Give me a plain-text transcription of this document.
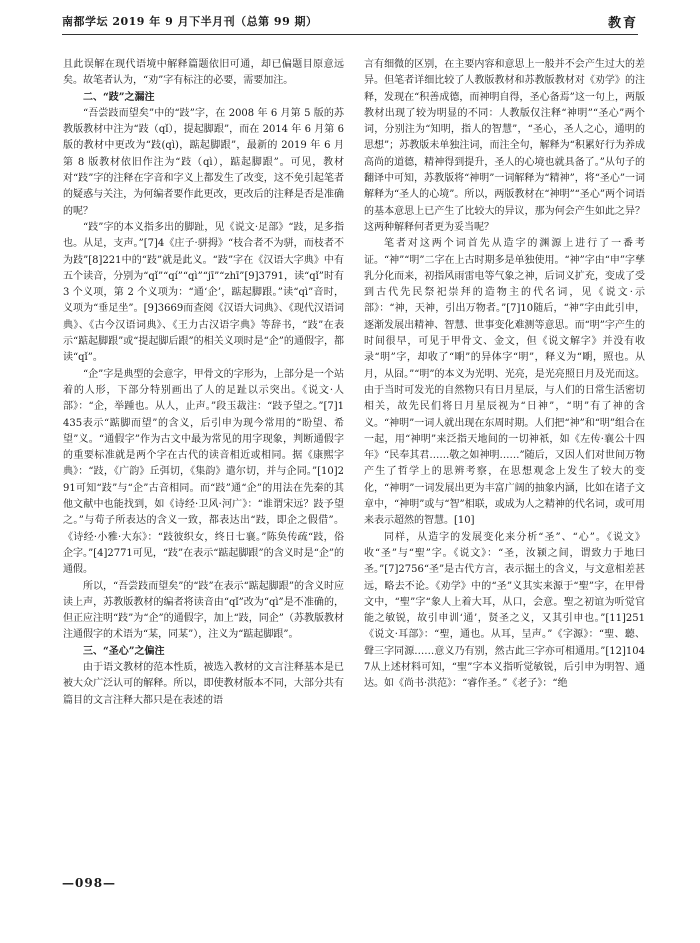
南都学坛 2019 年 9 月下半月刊（总第 99 期）	教育

且此误解在现代语境中解释篇题依旧可通，却已偏题目原意远矣。故笔者认为，“劝”字有标注的必要，需要加注。

二、“跂”之漏注

“吾尝跂而望矣”中的“跂”字，在 2008 年 6 月第 5 版的苏教版教材中注为“跂（qǐ），提起脚跟”，而在 2014 年 6 月第 6 版的教材中更改为“跂(qì)，踮起脚跟”，最新的 2019 年 6 月第 8 版教材依旧作注为“跂（qì），踮起脚跟”。可见，教材对“跂”字的注释在字音和字义上都发生了改变，这不免引起笔者的疑惑与关注，为何编者要作此更改，更改后的注释是否是准确的呢？

“跂”字的本义指多出的脚趾，见《说文·足部》“跂，足多指也。从足，支声。”[7]4《庄子·骈拇》“枝合者不为骈，而枝者不为跂”[8]221中的“跂”就是此义。“跂”字在《汉语大字典》中有五个读音，分别为“qǐ”“qí”“qì”“jī”“zhī”[9]3791，读“qǐ”时有 3 个义项，第 2 个义项为：“通‘企’，踮起脚跟。”读“qì”音时，义项为“垂足坐”。[9]3669而查阅《汉语大词典》、《现代汉语词典》、《古今汉语词典》、《王力古汉语字典》等辞书，“跂”在表示“踮起脚跟”或“提起脚后跟”的相关义项时是“企”的通假字，都读“qǐ”。

“企”字是典型的会意字，甲骨文的字形为，上部分是一个站着的人形，下部分特别画出了人的足趾以示突出。《说文·人部》：“企，举踵也。从人，止声。”段玉裁注：“跂予望之。”[7]1435表示“踮脚而望”的含义，后引申为现今常用的“盼望、希望”义。“通假字”作为古文中最为常见的用字现象，判断通假字的重要标准就是两个字在古代的读音相近或相同。据《康熙字典》：“跂，《广韵》丘弭切，《集韵》遣尔切，并与企同。”[10]291可知“跂”与“企”古音相同。而“跂”通“企”的用法在先秦的其他文献中也能找到，如《诗经·卫风·河广》：“谁谓宋远？跂予望之。”与荀子所表达的含义一致，都表达出“跂，即企之假借”。《诗经·小雅·大东》：“跂彼织女，终日七襄。”陈奂传疏“跂，俗企字。”[4]2771可见，“跂”在表示“踮起脚跟”的含义时是“企”的通假。

所以，“吾尝跂而望矣”的“跂”在表示“踮起脚跟”的含义时应读上声，苏教版教材的编者将读音由“qǐ”改为“qì”是不准确的，但正应注明“跂”为“企”的通假字，加上“跂，同企”（苏教版教材注通假字的术语为“某，同某”），注义为“踮起脚跟”。

三、“圣心”之偏注

由于语文教材的范本性质，被选入教材的文言注释基本是已被大众广泛认可的解释。所以，即使教材版本不同，大部分共有篇目的文言注释大都只是在表述的语

言有细微的区别，在主要内容和意思上一般并不会产生过大的差异。但笔者详细比较了人教版教材和苏教版教材对《劝学》的注释，发现在“积善成德，而神明自得，圣心备焉”这一句上，两版教材出现了较为明显的不同：人教版仅注释“神明”“圣心”两个词，分别注为“知明，指人的智慧”，“圣心，圣人之心，通明的思想”；苏教版未单独注词，而注全句，解释为“积累好行为养成高尚的道德，精神得到提升，圣人的心境也就具备了。”从句子的翻译中可知，苏教版将“神明”一词解释为“精神”，将“圣心”一词解释为“圣人的心境”。所以，两版教材在“神明”“圣心”两个词语的基本意思上已产生了比较大的异议，那为何会产生如此之异？这两种解释何者更为妥当呢？

笔者对这两个词首先从造字的渊源上进行了一番考证。“神”“明”二字在上古时期多是单独使用。“神”字由“申”字孳乳分化而来，初指风雨雷电等气象之神，后词义扩充，变成了受到古代先民祭祀崇拜的造物主的代名词，见《说文·示部》：“神，天神，引出万物者。”[7]10随后，“神”字由此引申，逐渐发展出精神、智慧、世事变化难测等意思。而“明”字产生的时间很早，可见于甲骨文、金文，但《说文解字》并没有收录“明”字，却收了“朙”的异体字“明”，释义为“朙，照也。从月，从囧。”“明”的本义为光明、光亮，是光亮照日月及光而这。由于当时可发光的自然物只有日月星辰，与人们的日常生活密切相关，故先民们将日月星辰视为“日神”，“明”有了神的含义。“神明”一词人就出现在东周时期。人们把“神”和“明”组合在一起，用“神明”来泛指天地间的一切神祇，如《左传·襄公十四年》“民奉其君……敬之如神明……”随后，又因人们对世间万物产生了哲学上的思辨考察，在思想观念上发生了较大的变化，“神明”一词发展出更为丰富广阔的抽象内涵，比如在诸子文章中，“神明”或与“智”相联，或成为人之精神的代名词，或可用来表示超然的智慧。[10]

同样，从造字的发展变化来分析“圣”、“心”。《说文》收“圣”与“聖”字。《说文》：“圣，汝颍之间，谓致力于地曰圣。”[7]2756“圣”是古代方言，表示掘土的含义，与文意相差甚远，略去不论。《劝学》中的“圣”义其实来源于“聖”字，在甲骨文中，“聖”字“象人上着大耳，从口，会意。聖之初谊为听觉官能之敏锐，故引申训‘通’，贤圣之义，又其引申也。”[11]251《说文·耳部》：“聖，通也。从耳，呈声。”《字源》：“聖、聽、聲三字同源……意义乃有别，然古此三字亦可相通用。”[12]1047从上述材料可知，“聖”字本义指听觉敏锐，后引申为明智、通达。如《尚书·洪范》：“睿作圣。”《老子》：“绝

—098—
